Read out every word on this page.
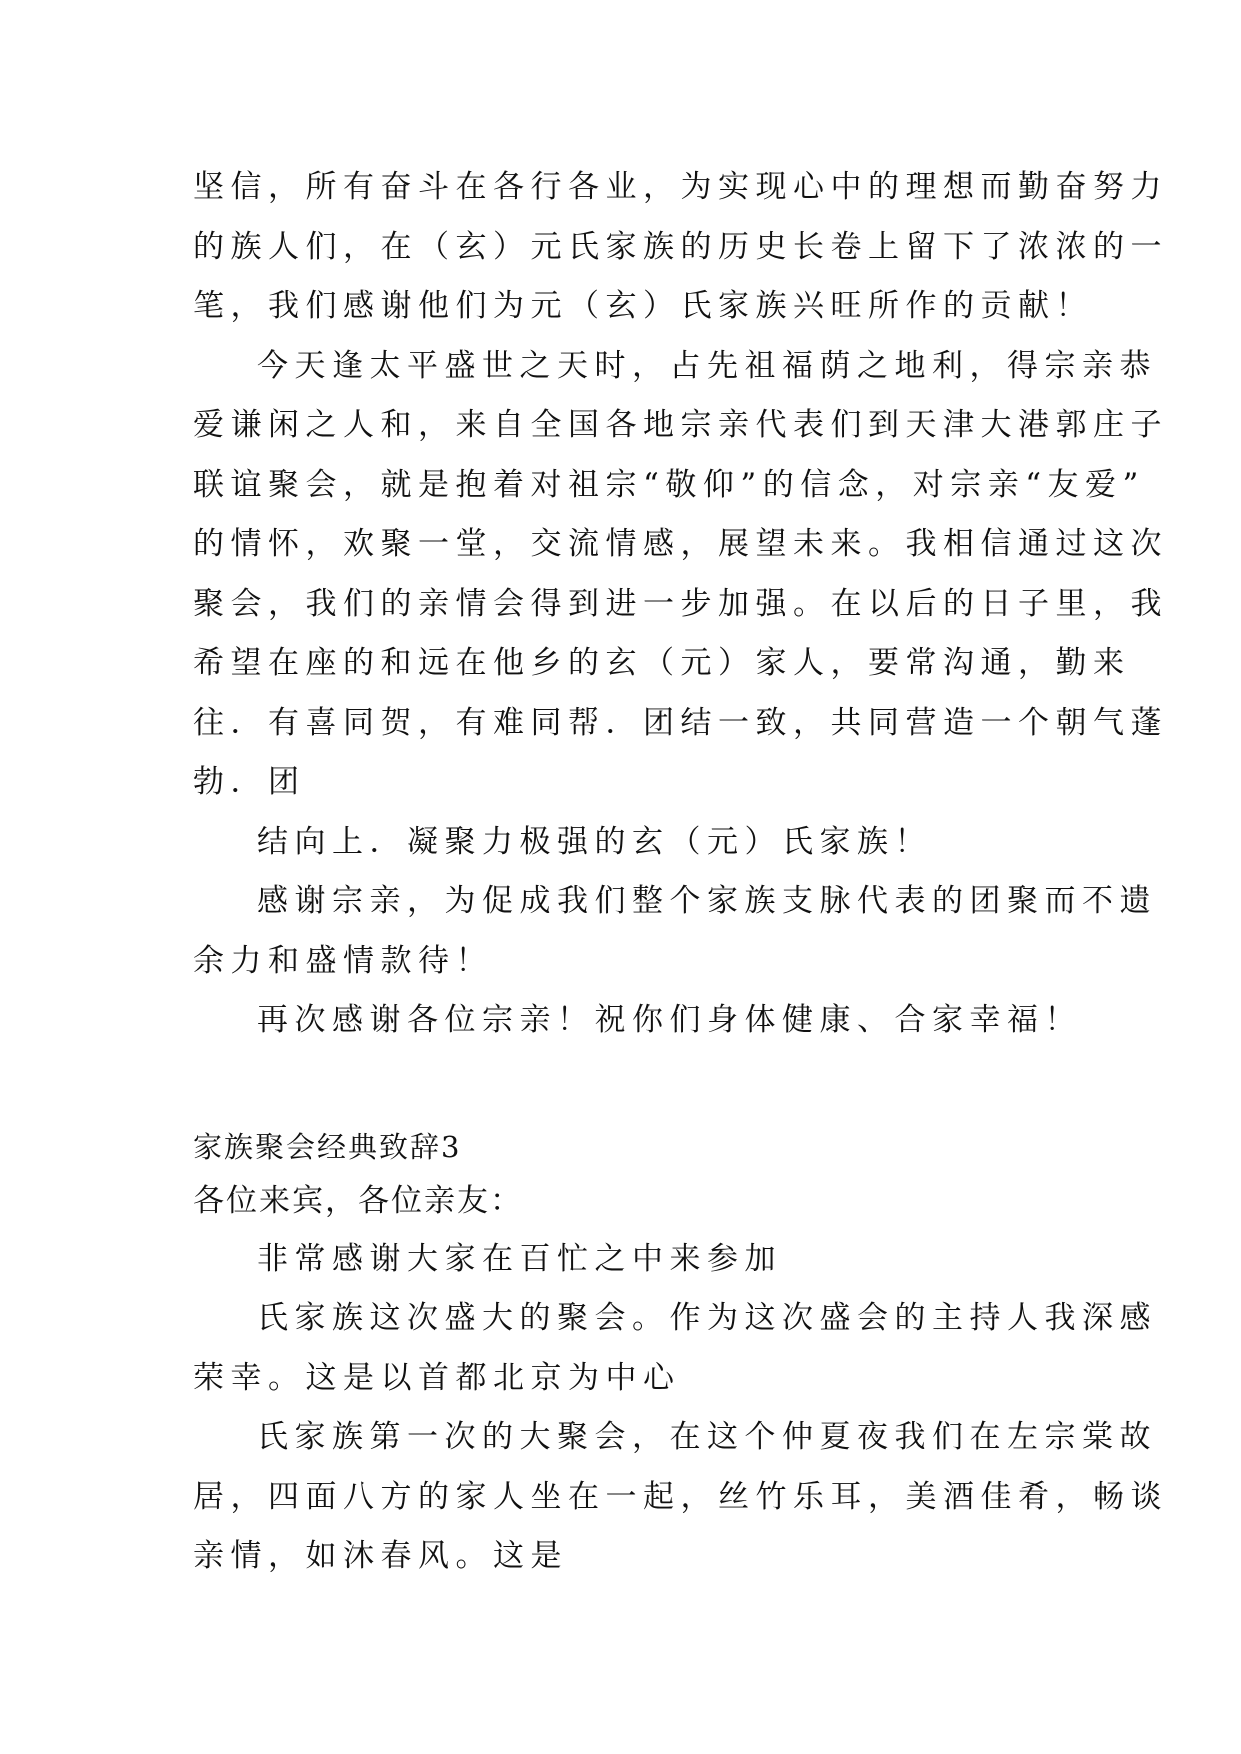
坚信，所有奋斗在各行各业，为实现心中的理想而勤奋努力
的族人们，在（玄）元氏家族的历史长卷上留下了浓浓的一
笔，我们感谢他们为元（玄）氏家族兴旺所作的贡献！
今天逢太平盛世之天时，占先祖福荫之地利，得宗亲恭
爱谦闲之人和，来自全国各地宗亲代表们到天津大港郭庄子
联谊聚会，就是抱着对祖宗“敬仰”的信念，对宗亲“友爱”
的情怀，欢聚一堂，交流情感，展望未来。我相信通过这次
聚会，我们的亲情会得到进一步加强。在以后的日子里，我
希望在座的和远在他乡的玄（元）家人，要常沟通，勤来
往．有喜同贺，有难同帮．团结一致，共同营造一个朝气蓬
勃．团
结向上．凝聚力极强的玄（元）氏家族！
感谢宗亲，为促成我们整个家族支脉代表的团聚而不遗
余力和盛情款待！
再次感谢各位宗亲！祝你们身体健康、合家幸福！
家族聚会经典致辞3
各位来宾，各位亲友：
非常感谢大家在百忙之中来参加
氏家族这次盛大的聚会。作为这次盛会的主持人我深感
荣幸。这是以首都北京为中心
氏家族第一次的大聚会，在这个仲夏夜我们在左宗棠故
居，四面八方的家人坐在一起，丝竹乐耳，美酒佳肴，畅谈
亲情，如沐春风。这是
